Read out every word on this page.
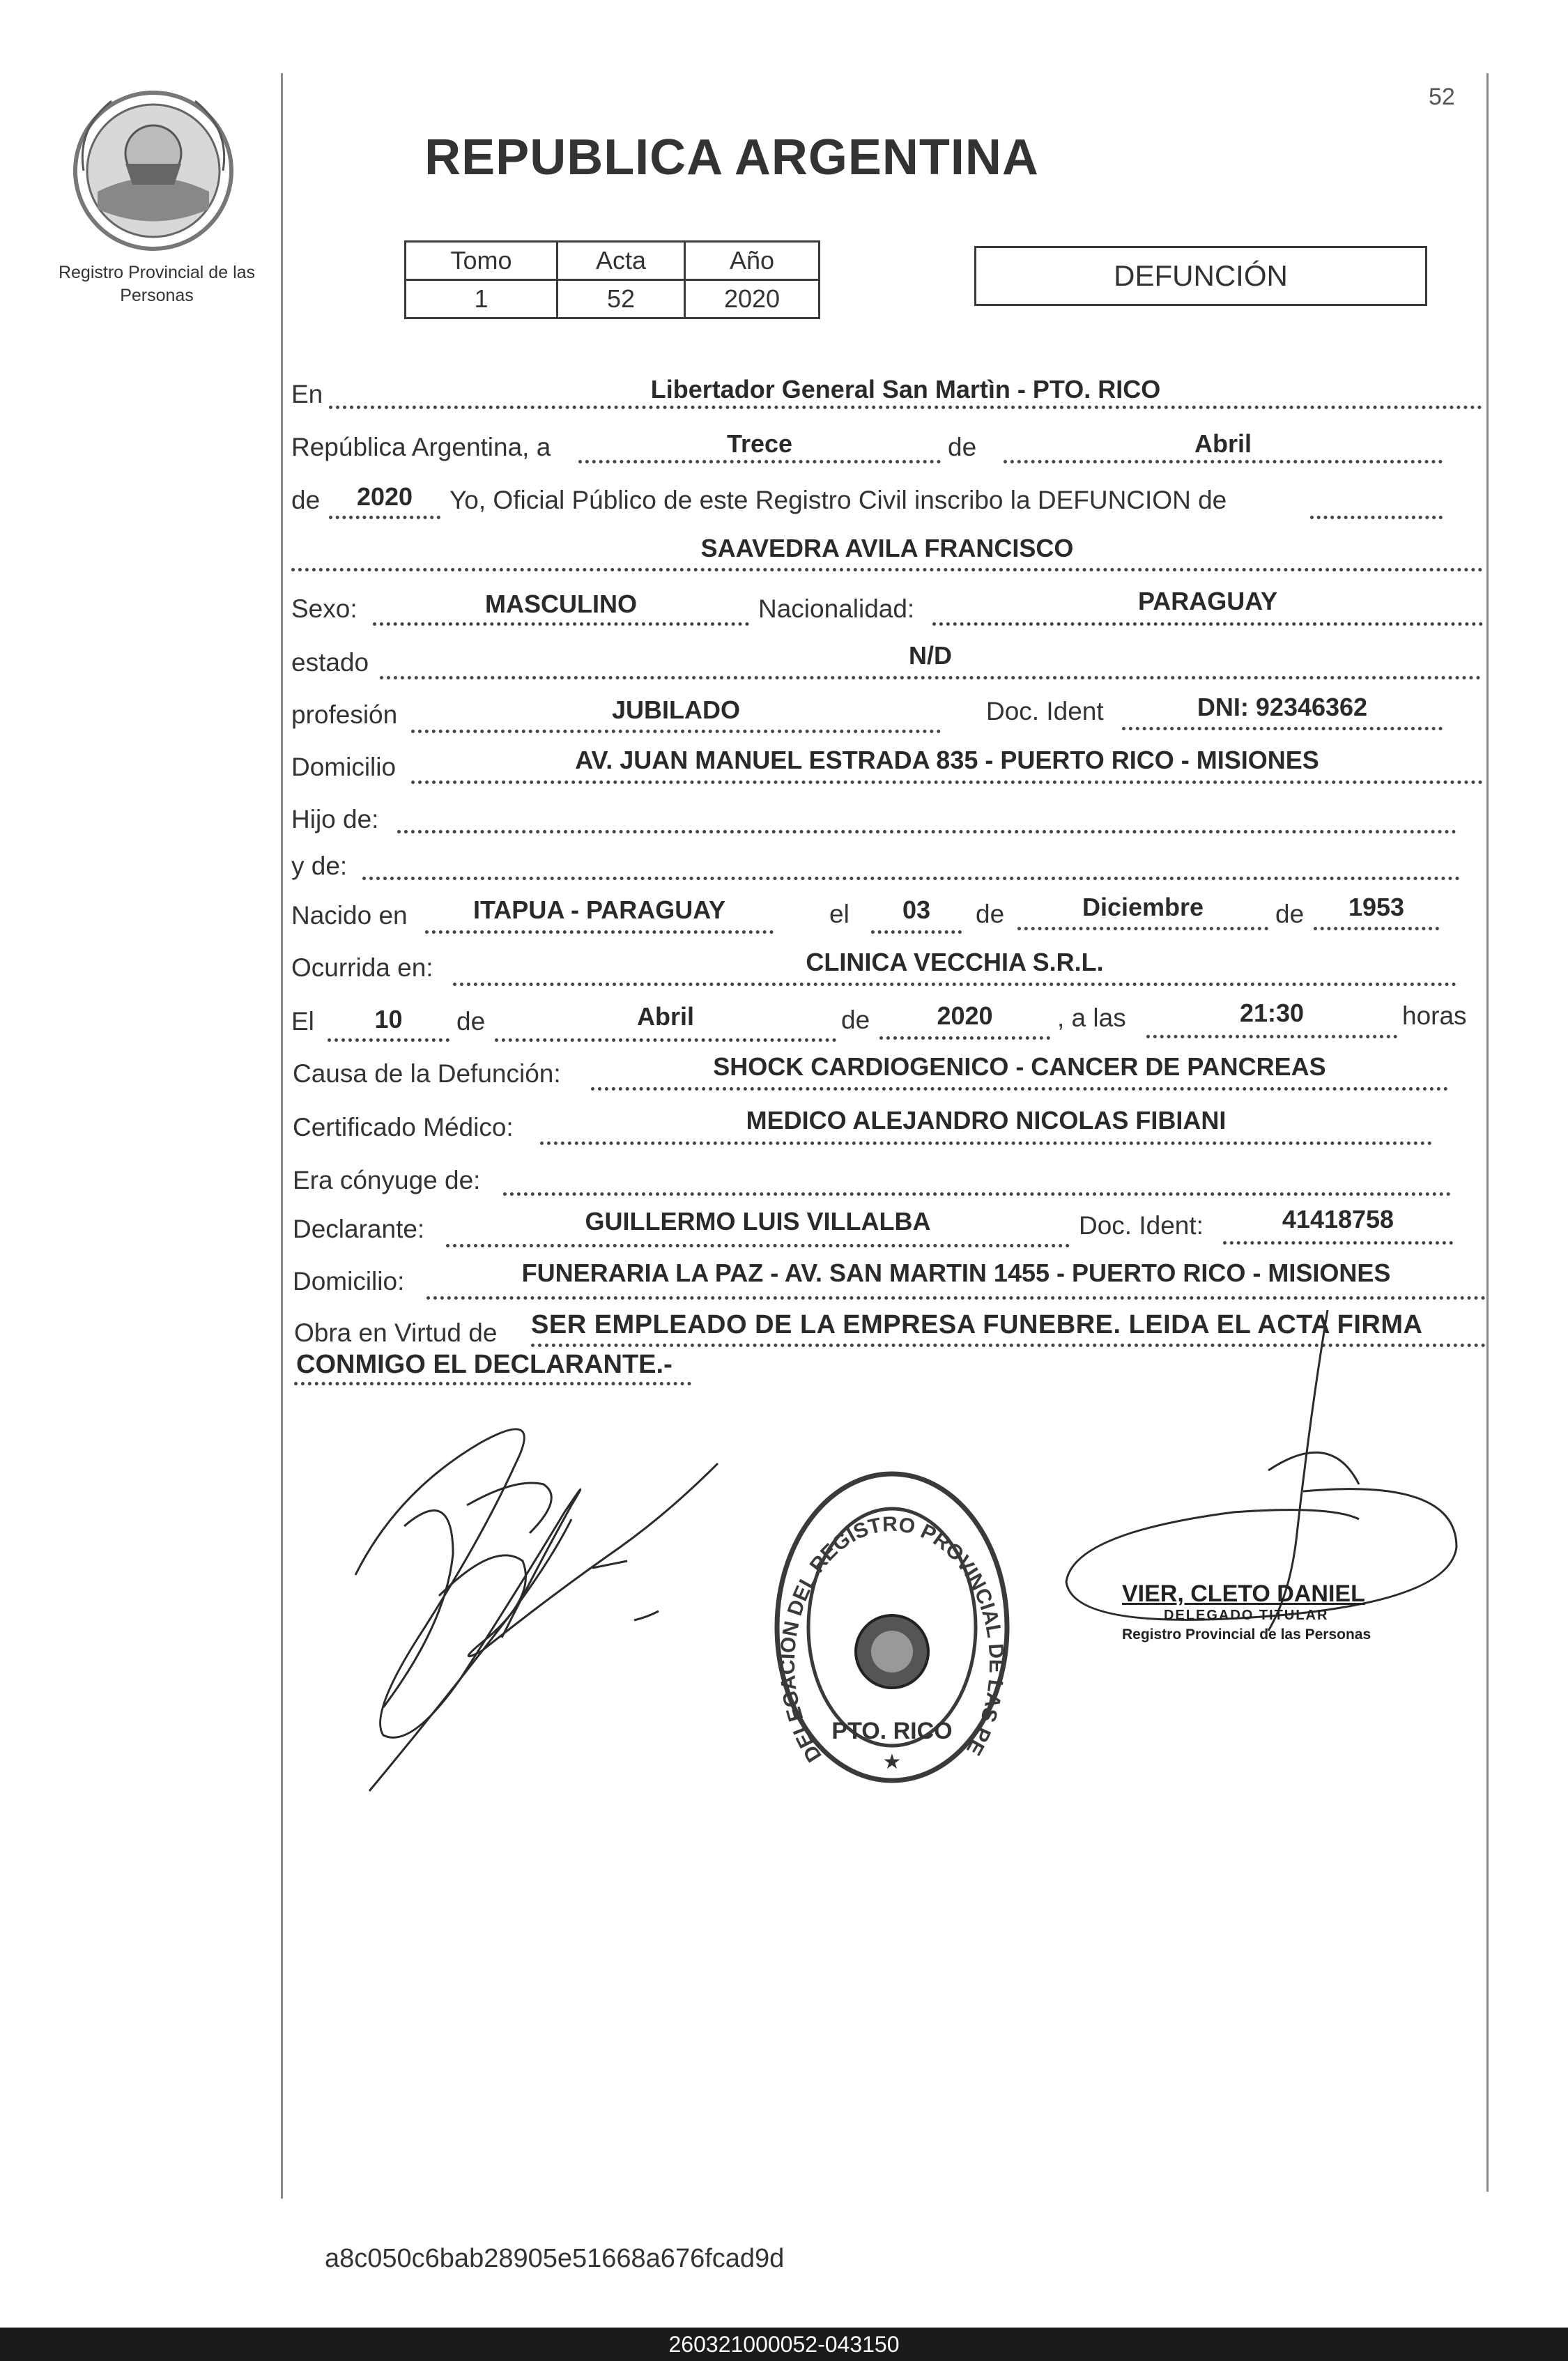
Registro Provincial de las Personas
52
REPUBLICA ARGENTINA
Tomo	Acta	Año
1	52	2020
DEFUNCIÓN
En	Libertador General San Martìn - PTO. RICO
República Argentina, a	Trece	de	Abril
de	2020	Yo, Oficial Público de este Registro Civil inscribo la DEFUNCION de
SAAVEDRA AVILA FRANCISCO
Sexo:	MASCULINO	Nacionalidad:	PARAGUAY
estado	N/D
profesión	JUBILADO	Doc. Ident	DNI: 92346362
Domicilio	AV. JUAN MANUEL ESTRADA 835 - PUERTO RICO - MISIONES
Hijo de:
y de:
Nacido en	ITAPUA - PARAGUAY	el	03	de	Diciembre	de	1953
Ocurrida en:	CLINICA VECCHIA S.R.L.
El	10	de	Abril	de	2020	, a las	21:30	horas
Causa de la Defunción:	SHOCK CARDIOGENICO - CANCER DE PANCREAS
Certificado Médico:	MEDICO ALEJANDRO NICOLAS FIBIANI
Era cónyuge de:
Declarante:	GUILLERMO LUIS VILLALBA	Doc. Ident:	41418758
Domicilio:	FUNERARIA LA PAZ - AV. SAN MARTIN 1455 - PUERTO RICO - MISIONES
Obra en Virtud de SER EMPLEADO DE LA EMPRESA FUNEBRE. LEIDA EL ACTA FIRMA
CONMIGO EL DECLARANTE.-
DELEGACION DEL REGISTRO PROVINCIAL DE LAS PERSONAS
PTO. RICO
★
VIER, CLETO DANIEL
DELEGADO TITULAR
Registro Provincial de las Personas
a8c050c6bab28905e51668a676fcad9d
260321000052-043150
